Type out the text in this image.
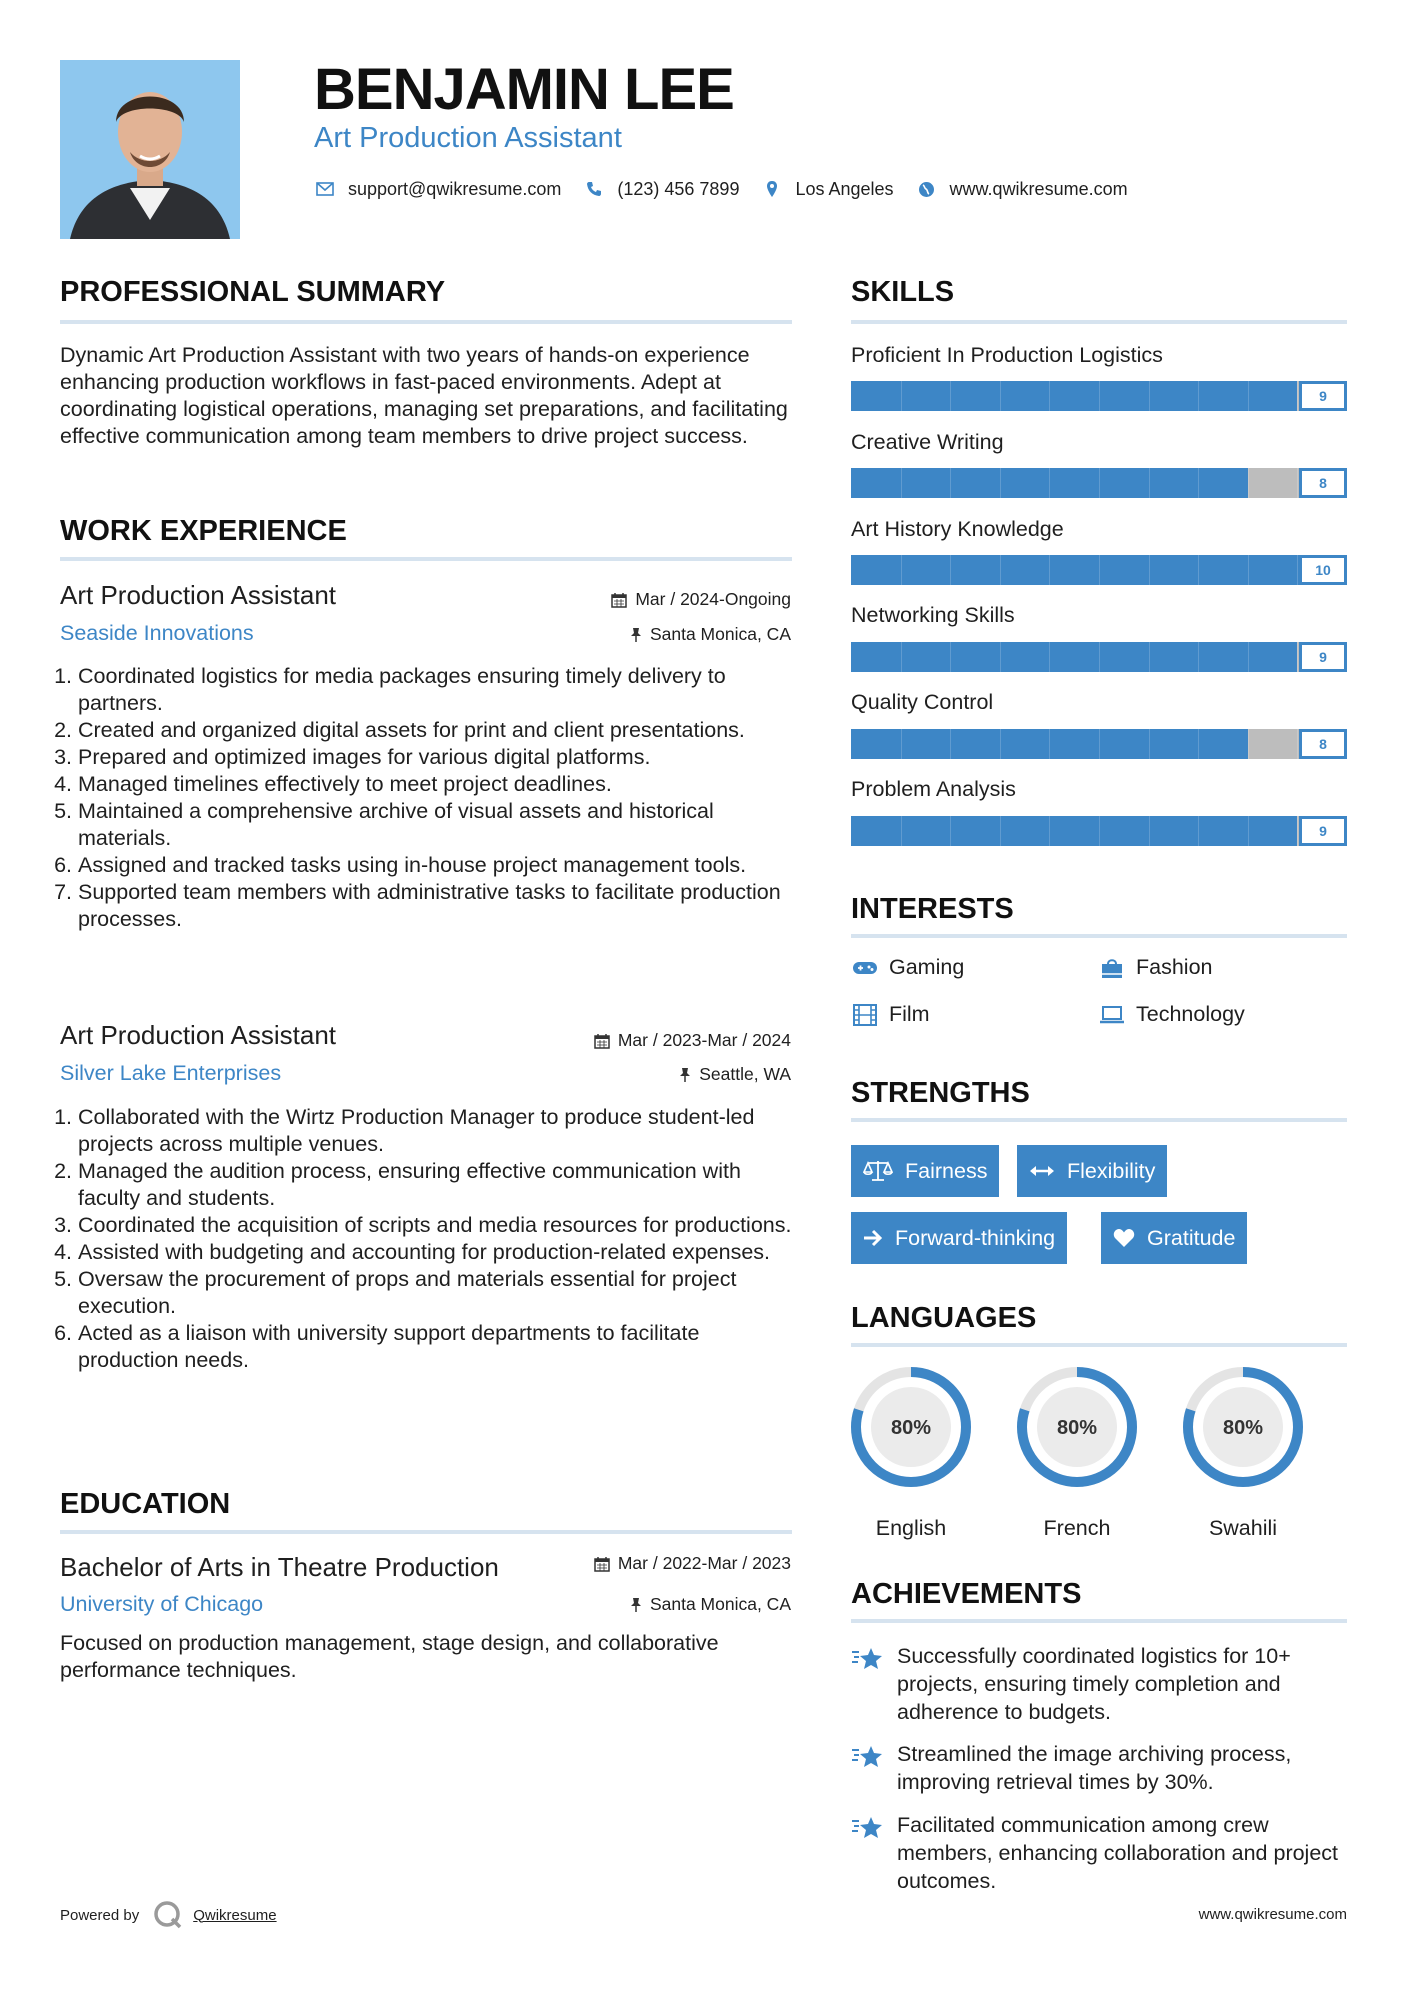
BENJAMIN LEE
Art Production Assistant
support@qwikresume.com	(123) 456 7899	Los Angeles	www.qwikresume.com
PROFESSIONAL SUMMARY
Dynamic Art Production Assistant with two years of hands-on experience enhancing production workflows in fast-paced environments. Adept at coordinating logistical operations, managing set preparations, and facilitating effective communication among team members to drive project success.
WORK EXPERIENCE
Art Production Assistant	Mar / 2024-Ongoing
Seaside Innovations	Santa Monica, CA
1. Coordinated logistics for media packages ensuring timely delivery to partners.
2. Created and organized digital assets for print and client presentations.
3. Prepared and optimized images for various digital platforms.
4. Managed timelines effectively to meet project deadlines.
5. Maintained a comprehensive archive of visual assets and historical materials.
6. Assigned and tracked tasks using in-house project management tools.
7. Supported team members with administrative tasks to facilitate production processes.
Art Production Assistant	Mar / 2023-Mar / 2024
Silver Lake Enterprises	Seattle, WA
1. Collaborated with the Wirtz Production Manager to produce student-led projects across multiple venues.
2. Managed the audition process, ensuring effective communication with faculty and students.
3. Coordinated the acquisition of scripts and media resources for productions.
4. Assisted with budgeting and accounting for production-related expenses.
5. Oversaw the procurement of props and materials essential for project execution.
6. Acted as a liaison with university support departments to facilitate production needs.
EDUCATION
Bachelor of Arts in Theatre Production	Mar / 2022-Mar / 2023
University of Chicago	Santa Monica, CA
Focused on production management, stage design, and collaborative performance techniques.
SKILLS
Proficient In Production Logistics
9
Creative Writing
8
Art History Knowledge
10
Networking Skills
9
Quality Control
8
Problem Analysis
9
INTERESTS
Gaming	Fashion
Film	Technology
STRENGTHS
Fairness	Flexibility
Forward-thinking	Gratitude
LANGUAGES
80%
English
80%
French
80%
Swahili
ACHIEVEMENTS
Successfully coordinated logistics for 10+ projects, ensuring timely completion and adherence to budgets.
Streamlined the image archiving process, improving retrieval times by 30%.
Facilitated communication among crew members, enhancing collaboration and project outcomes.
Powered by	Qwikresume	www.qwikresume.com
